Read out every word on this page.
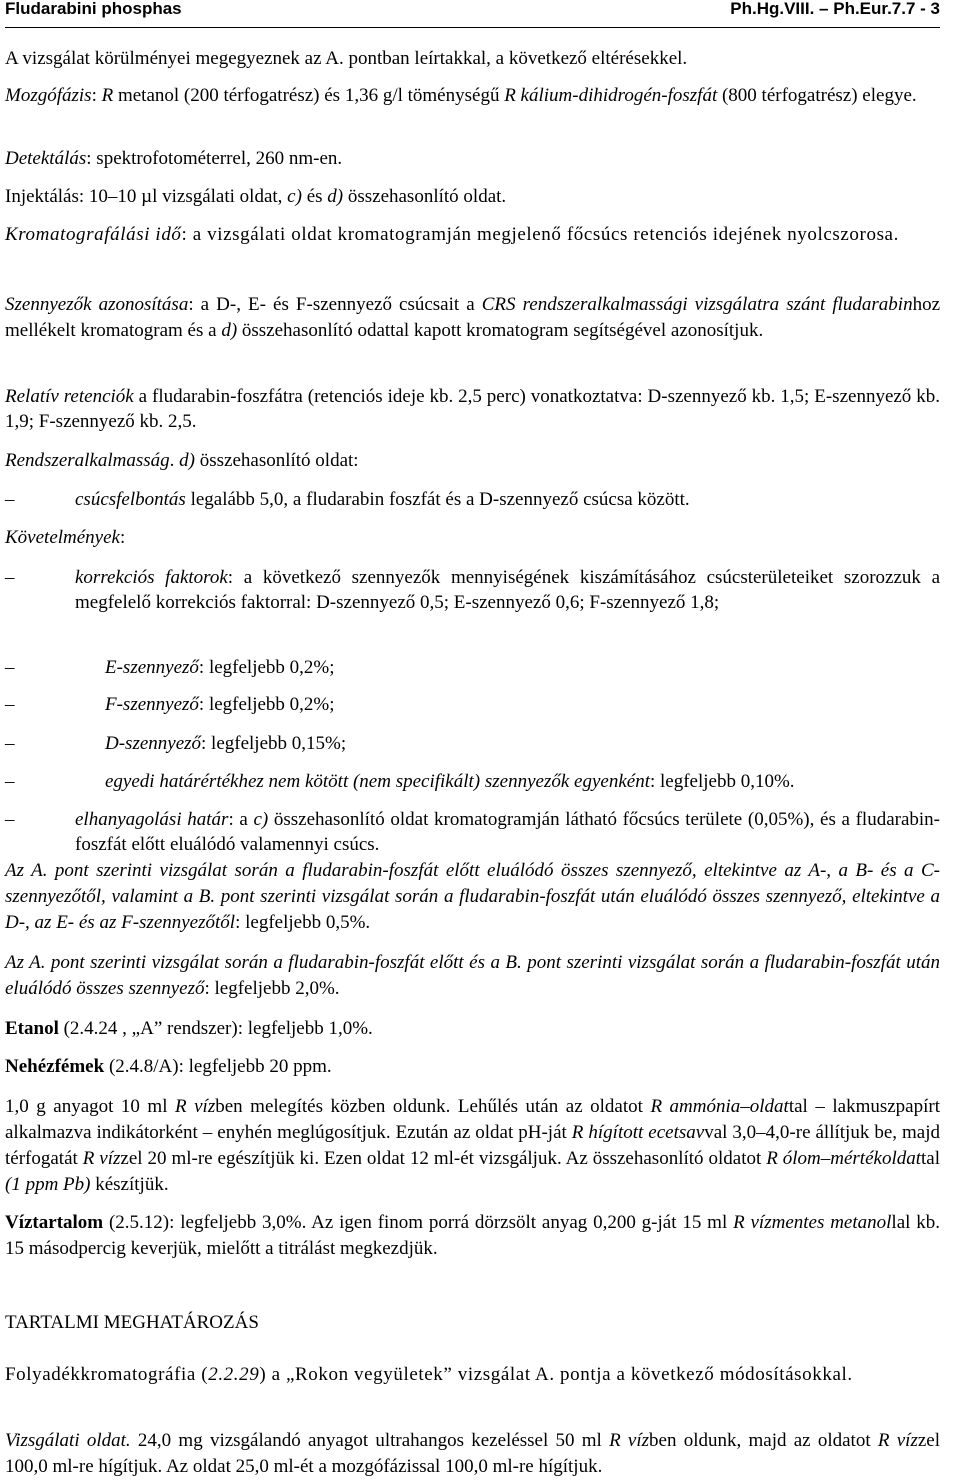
Fludarabini phosphas	Ph.Hg.VIII. – Ph.Eur.7.7 - 3

A vizsgálat körülményei megegyeznek az A. pontban leírtakkal, a következő eltérésekkel.

Mozgófázis: R metanol (200 térfogatrész) és 1,36 g/l töménységű R kálium-dihidrogén-foszfát (800 térfogatrész) elegye.

Detektálás: spektrofotométerrel, 260 nm-en.

Injektálás: 10–10 µl vizsgálati oldat, c) és d) összehasonlító oldat.

Kromatografálási idő: a vizsgálati oldat kromatogramján megjelenő főcsúcs retenciós idejének nyolcszorosa.

Szennyezők azonosítása: a D-, E- és F-szennyező csúcsait a CRS rendszeralkalmassági vizsgálatra szánt fludarabinhoz mellékelt kromatogram és a d) összehasonlító odattal kapott kromatogram segítségével azonosítjuk.

Relatív retenciók a fludarabin-foszfátra (retenciós ideje kb. 2,5 perc) vonatkoztatva: D-szennyező kb. 1,5; E-szennyező kb. 1,9; F-szennyező kb. 2,5.

Rendszeralkalmasság. d) összehasonlító oldat:

–	csúcsfelbontás legalább 5,0, a fludarabin foszfát és a D-szennyező csúcsa között.

Követelmények:

–	korrekciós faktorok: a következő szennyezők mennyiségének kiszámításához csúcsterületeiket szorozzuk a megfelelő korrekciós faktorral: D-szennyező 0,5; E-szennyező 0,6; F-szennyező 1,8;
–	E-szennyező: legfeljebb 0,2%;
–	F-szennyező: legfeljebb 0,2%;
–	D-szennyező: legfeljebb 0,15%;
–	egyedi határértékhez nem kötött (nem specifikált) szennyezők egyenként: legfeljebb 0,10%.
–	elhanyagolási határ: a c) összehasonlító oldat kromatogramján látható főcsúcs területe (0,05%), és a fludarabin-foszfát előtt eluálódó valamennyi csúcs.

Az A. pont szerinti vizsgálat során a fludarabin-foszfát előtt eluálódó összes szennyező, eltekintve az A-, a B- és a C-szennyezőtől, valamint a B. pont szerinti vizsgálat során a fludarabin-foszfát után eluálódó összes szennyező, eltekintve a D-, az E- és az F-szennyezőtől: legfeljebb 0,5%.

Az A. pont szerinti vizsgálat során a fludarabin-foszfát előtt és a B. pont szerinti vizsgálat során a fludarabin-foszfát után eluálódó összes szennyező: legfeljebb 2,0%.

Etanol (2.4.24 , „A” rendszer): legfeljebb 1,0%.

Nehézfémek (2.4.8/A): legfeljebb 20 ppm.

1,0 g anyagot 10 ml R vízben melegítés közben oldunk. Lehűlés után az oldatot R ammónia–oldattal – lakmuszpapírt alkalmazva indikátorként – enyhén meglúgosítjuk. Ezután az oldat pH-ját R hígított ecetsavval 3,0–4,0-re állítjuk be, majd térfogatát R vízzel 20 ml-re egészítjük ki. Ezen oldat 12 ml-ét vizsgáljuk. Az összehasonlító oldatot R ólom–mértékoldattal (1 ppm Pb) készítjük.

Víztartalom (2.5.12): legfeljebb 3,0%. Az igen finom porrá dörzsölt anyag 0,200 g-ját 15 ml R vízmentes metanollal kb. 15 másodpercig keverjük, mielőtt a titrálást megkezdjük.

TARTALMI MEGHATÁROZÁS

Folyadékkromatográfia (2.2.29) a „Rokon vegyületek” vizsgálat A. pontja a következő módosításokkal.

Vizsgálati oldat. 24,0 mg vizsgálandó anyagot ultrahangos kezeléssel 50 ml R vízben oldunk, majd az oldatot R vízzel 100,0 ml-re hígítjuk. Az oldat 25,0 ml-ét a mozgófázissal 100,0 ml-re hígítjuk.
